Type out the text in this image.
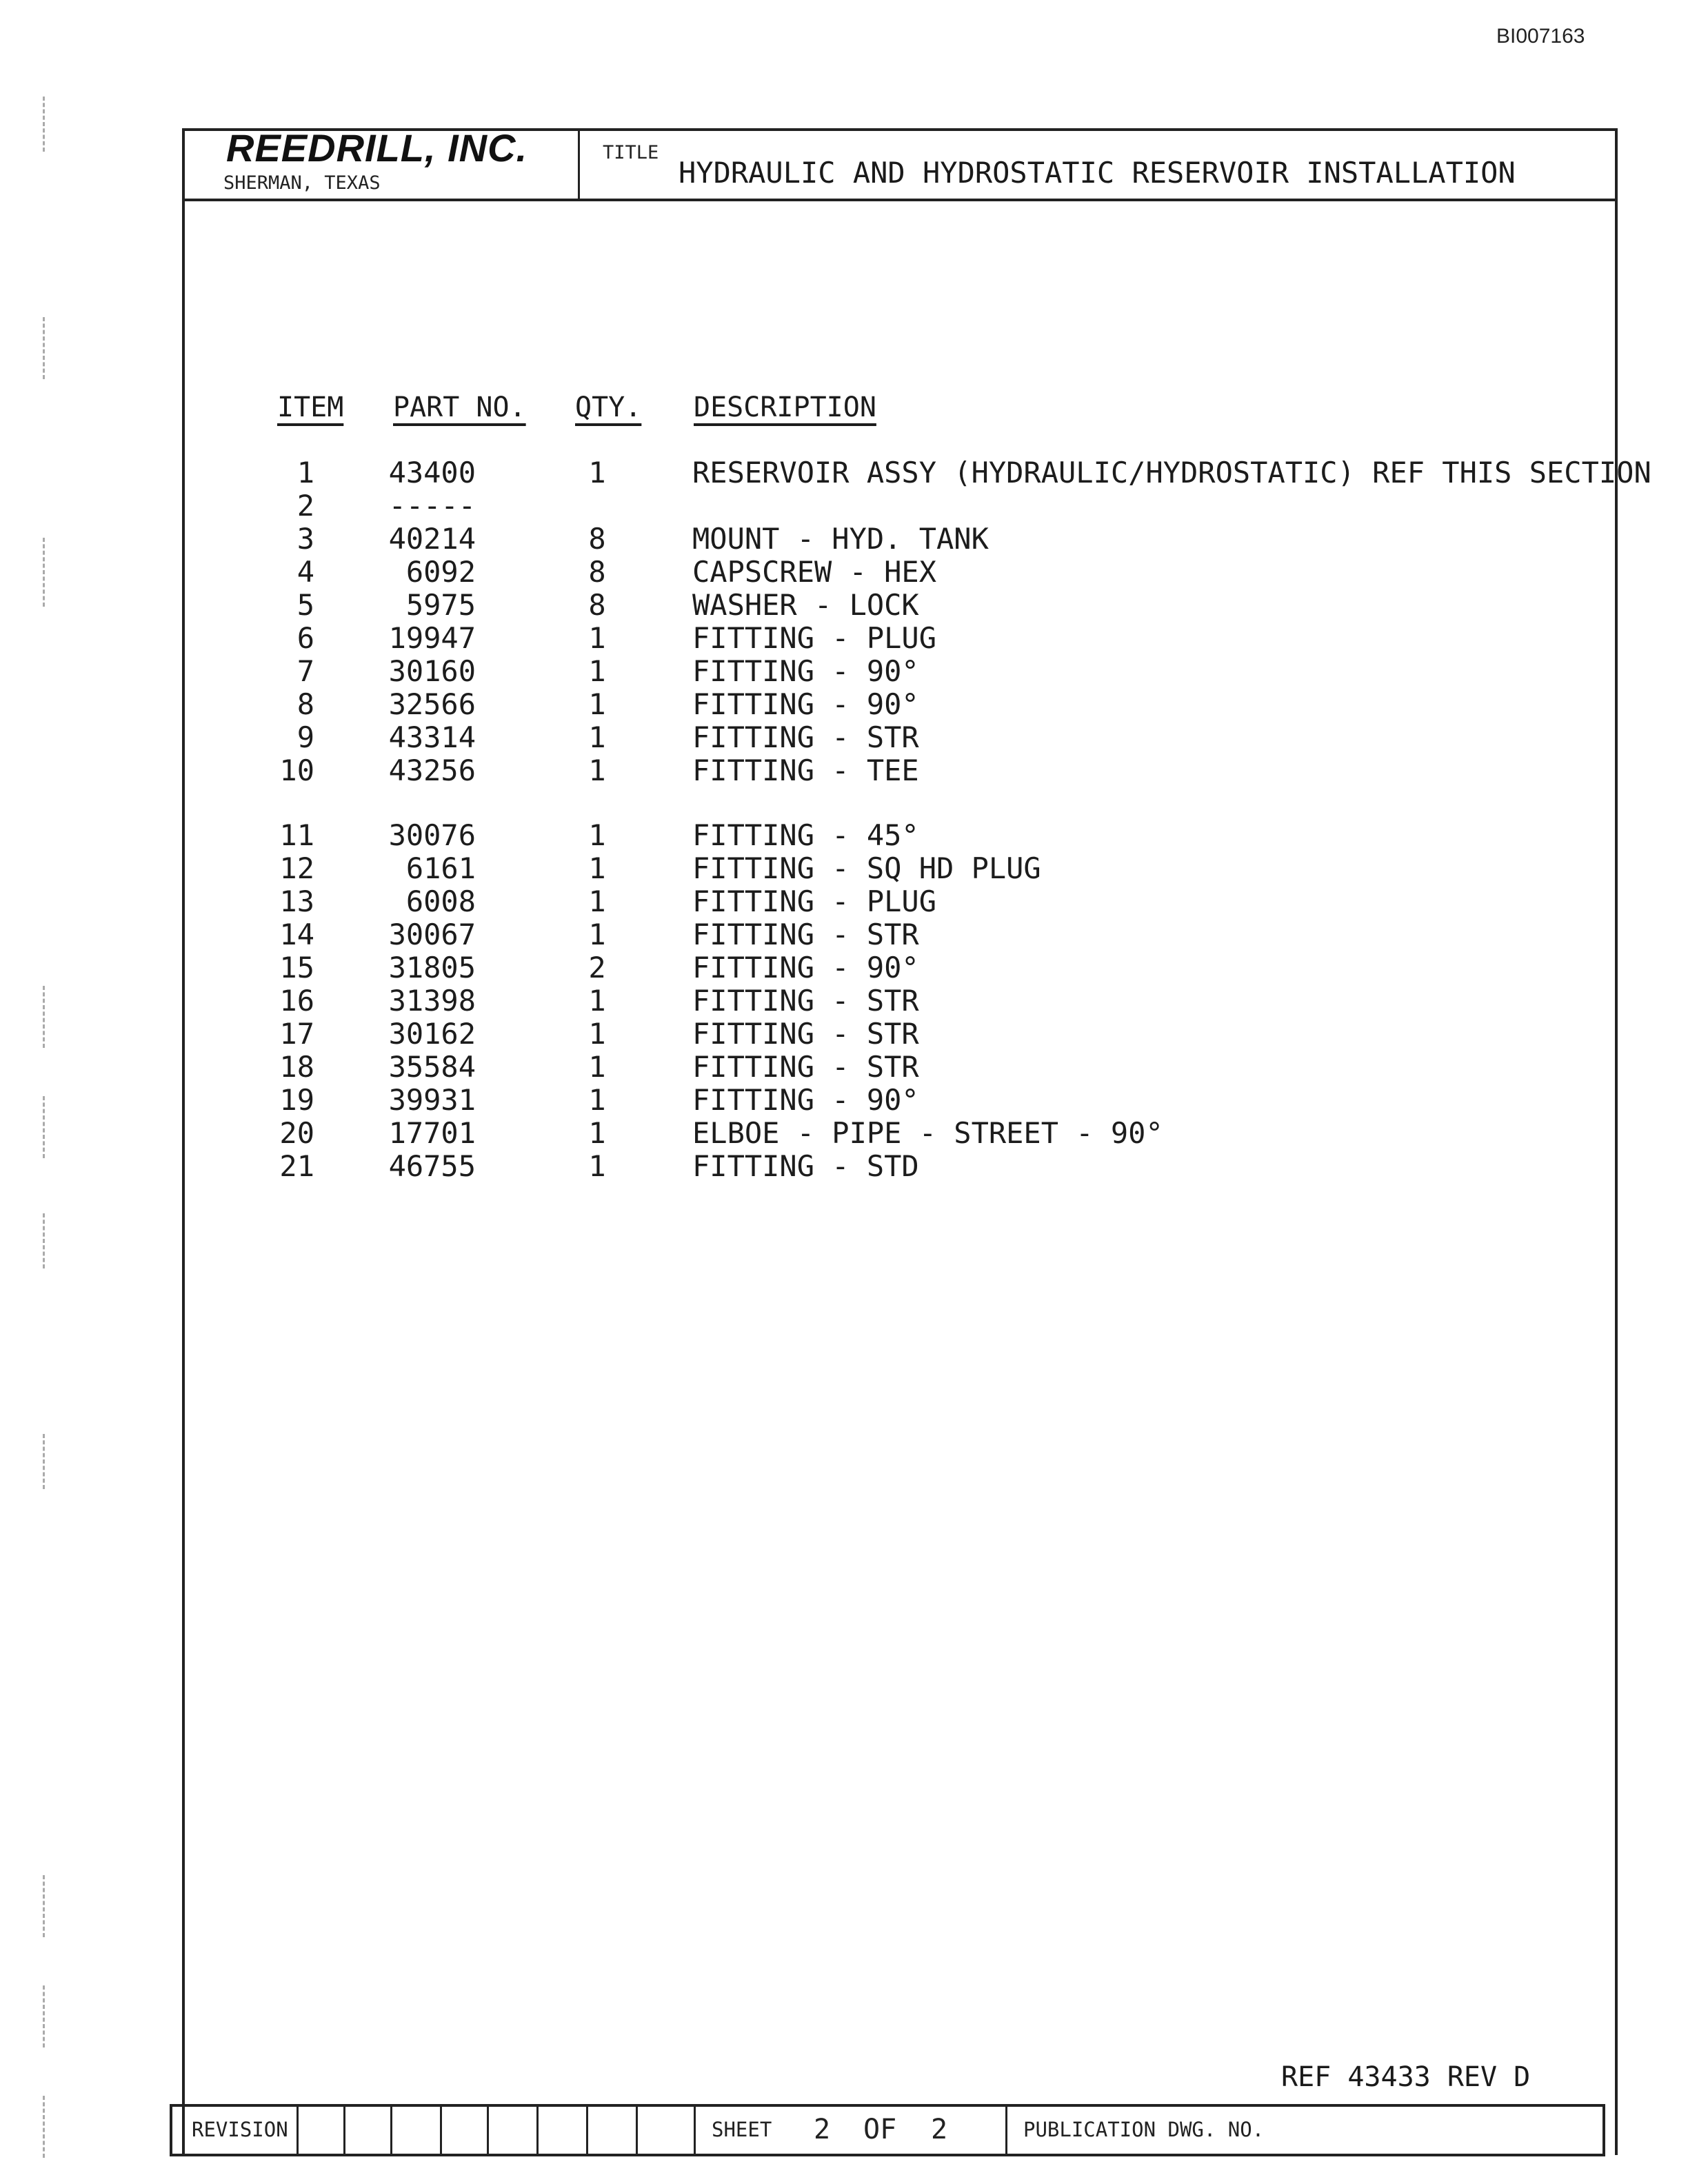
BI007163
REEDRILL, INC.
SHERMAN, TEXAS
TITLE
HYDRAULIC AND HYDROSTATIC RESERVOIR INSTALLATION
ITEM PART NO. QTY. DESCRIPTION
1	43400	1	RESERVOIR ASSY (HYDRAULIC/HYDROSTATIC) REF THIS SECTION
2	-----
3	40214	8	MOUNT - HYD. TANK
4	6092	8	CAPSCREW - HEX
5	5975	8	WASHER - LOCK
6	19947	1	FITTING - PLUG
7	30160	1	FITTING - 90°
8	32566	1	FITTING - 90°
9	43314	1	FITTING - STR
10	43256	1	FITTING - TEE
11	30076	1	FITTING - 45°
12	6161	1	FITTING - SQ HD PLUG
13	6008	1	FITTING - PLUG
14	30067	1	FITTING - STR
15	31805	2	FITTING - 90°
16	31398	1	FITTING - STR
17	30162	1	FITTING - STR
18	35584	1	FITTING - STR
19	39931	1	FITTING - 90°
20	17701	1	ELBOE - PIPE - STREET - 90°
21	46755	1	FITTING - STD
REF 43433 REV D
REVISION	SHEET 2 OF 2	PUBLICATION DWG. NO.
